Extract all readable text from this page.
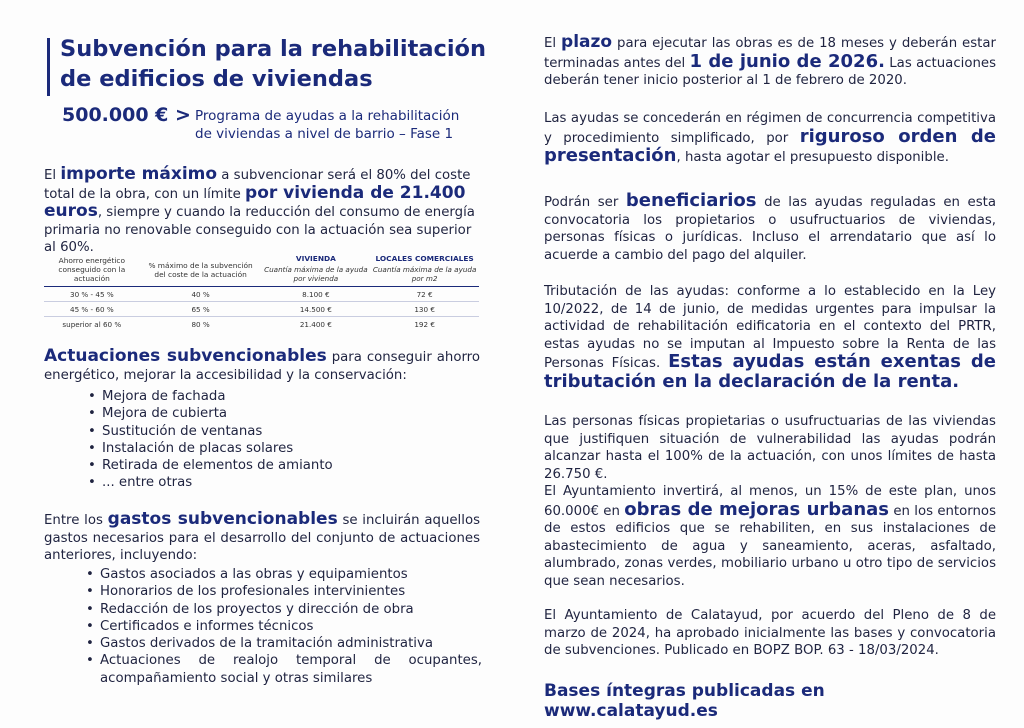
Subvención para la rehabilitación
de edificios de viviendas
500.000 € > Programa de ayudas a la rehabilitación
de viviendas a nivel de barrio – Fase 1
El importe máximo a subvencionar será el 80% del coste total de la obra, con un límite por vivienda de 21.400 euros, siempre y cuando la reducción del consumo de energía primaria no renovable conseguido con la actuación sea superior al 60%.
Ahorro energético conseguido con la actuación	% máximo de la subvención del coste de la actuación	VIVIENDA	LOCALES COMERCIALES
		Cuantía máxima de la ayuda por vivienda	Cuantía máxima de la ayuda por m2
30 % - 45 %	40 %	8.100 €	72 €
45 % - 60 %	65 %	14.500 €	130 €
superior al 60 %	80 %	21.400 €	192 €
Actuaciones subvencionables para conseguir ahorro energético, mejorar la accesibilidad y la conservación:
• Mejora de fachada
• Mejora de cubierta
• Sustitución de ventanas
• Instalación de placas solares
• Retirada de elementos de amianto
• ... entre otras
Entre los gastos subvencionables se incluirán aquellos gastos necesarios para el desarrollo del conjunto de actuaciones anteriores, incluyendo:
• Gastos asociados a las obras y equipamientos
• Honorarios de los profesionales intervinientes
• Redacción de los proyectos y dirección de obra
• Certificados e informes técnicos
• Gastos derivados de la tramitación administrativa
• Actuaciones de realojo temporal de ocupantes, acompañamiento social y otras similares
El plazo para ejecutar las obras es de 18 meses y deberán estar terminadas antes del 1 de junio de 2026. Las actuaciones deberán tener inicio posterior al 1 de febrero de 2020.
Las ayudas se concederán en régimen de concurrencia competitiva y procedimiento simplificado, por riguroso orden de presentación, hasta agotar el presupuesto disponible.
Podrán ser beneficiarios de las ayudas reguladas en esta convocatoria los propietarios o usufructuarios de viviendas, personas físicas o jurídicas. Incluso el arrendatario que así lo acuerde a cambio del pago del alquiler.
Tributación de las ayudas: conforme a lo establecido en la Ley 10/2022, de 14 de junio, de medidas urgentes para impulsar la actividad de rehabilitación edificatoria en el contexto del PRTR, estas ayudas no se imputan al Impuesto sobre la Renta de las Personas Físicas. Estas ayudas están exentas de tributación en la declaración de la renta.
Las personas físicas propietarias o usufructuarias de las viviendas que justifiquen situación de vulnerabilidad las ayudas podrán alcanzar hasta el 100% de la actuación, con unos límites de hasta 26.750 €.
El Ayuntamiento invertirá, al menos, un 15% de este plan, unos 60.000€ en obras de mejoras urbanas en los entornos de estos edificios que se rehabiliten, en sus instalaciones de abastecimiento de agua y saneamiento, aceras, asfaltado, alumbrado, zonas verdes, mobiliario urbano u otro tipo de servicios que sean necesarios.
El Ayuntamiento de Calatayud, por acuerdo del Pleno de 8 de marzo de 2024, ha aprobado inicialmente las bases y convocatoria de subvenciones. Publicado en BOPZ BOP. 63 - 18/03/2024.
Bases íntegras publicadas en www.calatayud.es
